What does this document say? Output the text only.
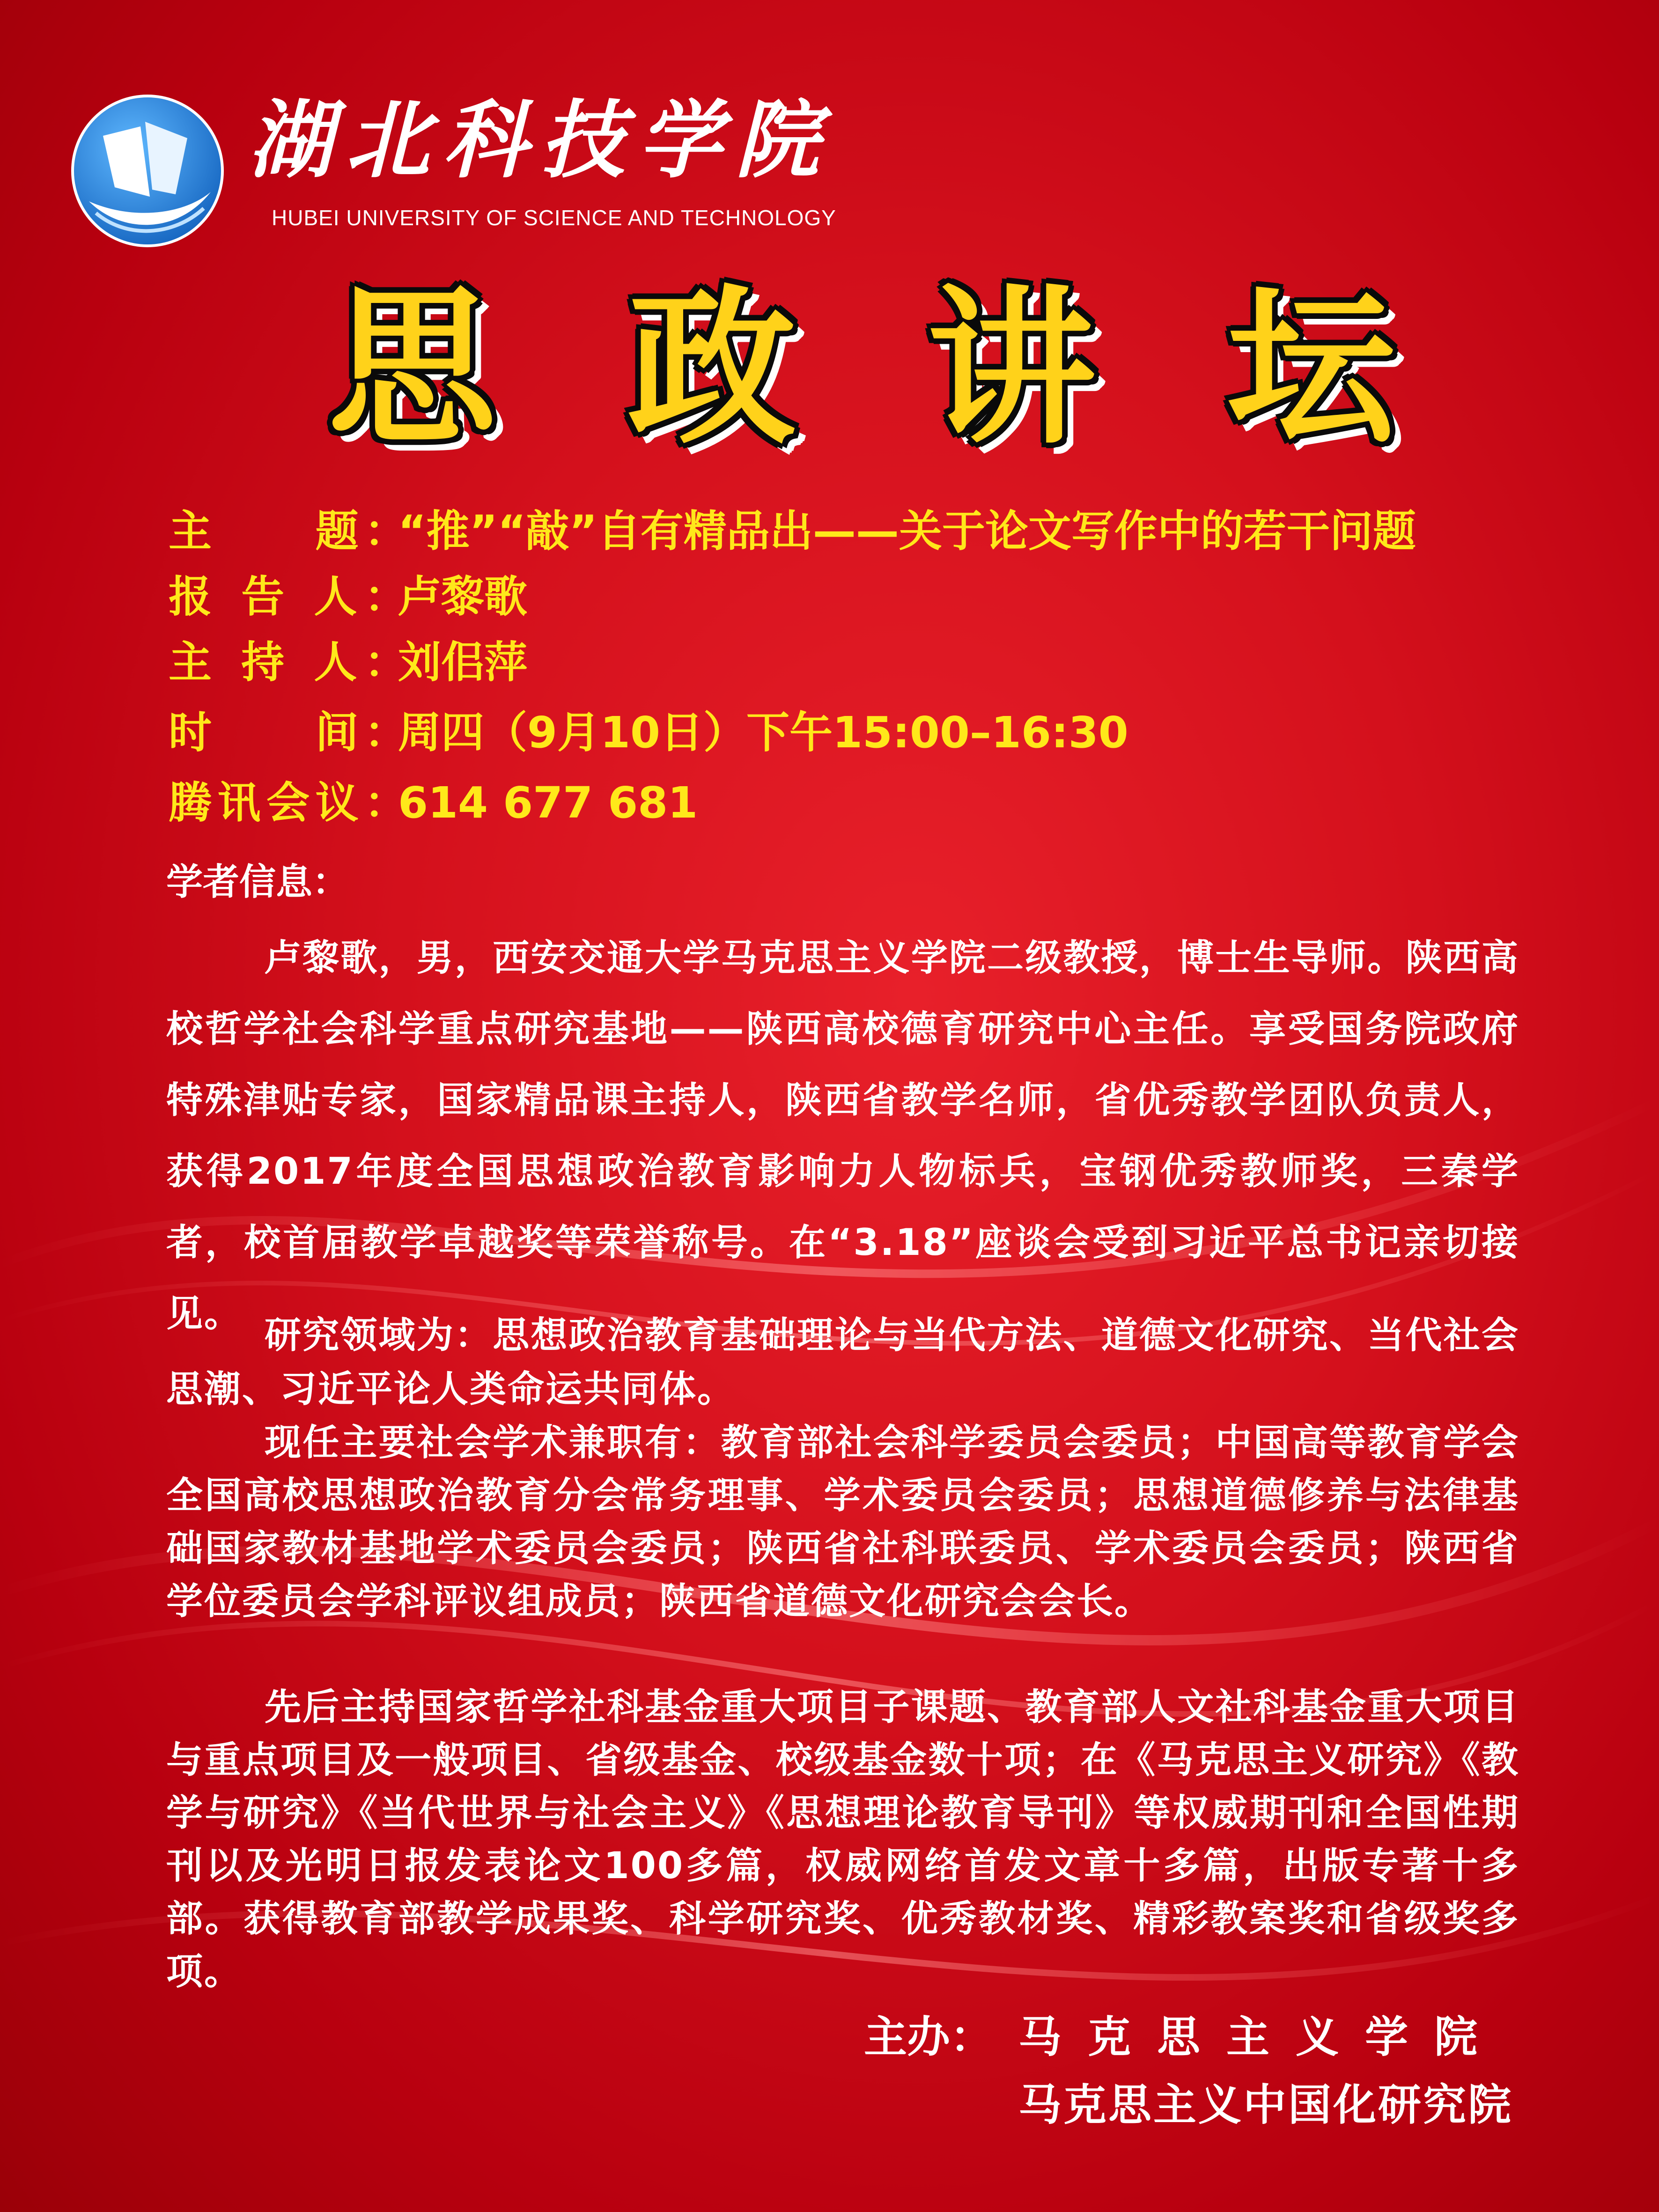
湖北科技学院
HUBEI UNIVERSITY OF SCIENCE AND TECHNOLOGY
思 政 讲 坛
主　　题：
“推”“敲”自有精品出——关于论文写作中的若干问题
报 告 人：
卢黎歌
主 持 人：
刘佀萍
时　　间：
周四（9月10日）下午15:00–16:30
腾讯会议：
614 677 681
学者信息：

卢黎歌，男，西安交通大学马克思主义学院二级教授，博士生导师。陕西高校哲学社会科学重点研究基地——陕西高校德育研究中心主任。享受国务院政府特殊津贴专家，国家精品课主持人，陕西省教学名师，省优秀教学团队负责人，获得2017年度全国思想政治教育影响力人物标兵，宝钢优秀教师奖，三秦学者，校首届教学卓越奖等荣誉称号。在“3.18”座谈会受到习近平总书记亲切接见。

研究领域为：思想政治教育基础理论与当代方法、道德文化研究、当代社会思潮、习近平论人类命运共同体。

现任主要社会学术兼职有：教育部社会科学委员会委员；中国高等教育学会全国高校思想政治教育分会常务理事、学术委员会委员；思想道德修养与法律基础国家教材基地学术委员会委员；陕西省社科联委员、学术委员会委员；陕西省学位委员会学科评议组成员；陕西省道德文化研究会会长。

先后主持国家哲学社科基金重大项目子课题、教育部人文社科基金重大项目与重点项目及一般项目、省级基金、校级基金数十项；在《马克思主义研究》《教学与研究》《当代世界与社会主义》《思想理论教育导刊》等权威期刊和全国性期刊以及光明日报发表论文100多篇，权威网络首发文章十多篇，出版专著十多部。获得教育部教学成果奖、科学研究奖、优秀教材奖、精彩教案奖和省级奖多项。

主办： 马克思主义学院
马克思主义中国化研究院
